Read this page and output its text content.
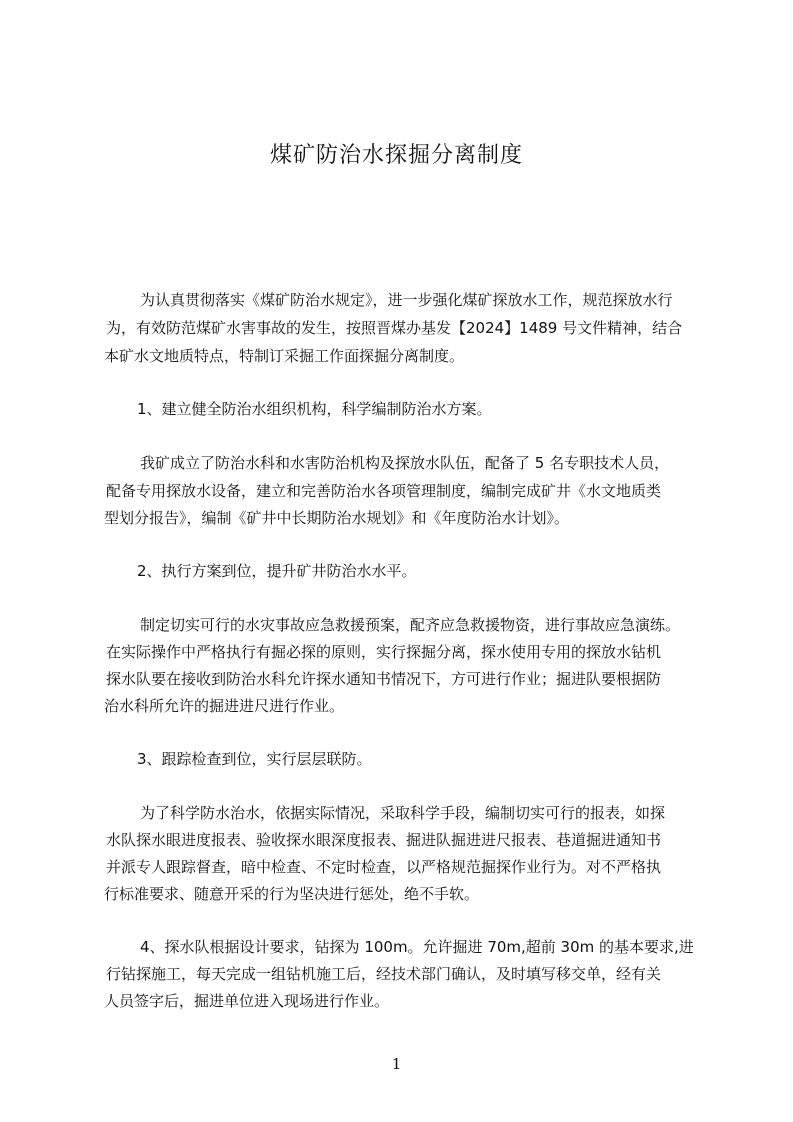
煤矿防治水探掘分离制度
为认真贯彻落实《煤矿防治水规定》，进一步强化煤矿探放水工作，规范探放水行
为，有效防范煤矿水害事故的发生，按照晋煤办基发【2024】1489 号文件精神，结合
本矿水文地质特点，特制订采掘工作面探掘分离制度。
1、建立健全防治水组织机构，科学编制防治水方案。
我矿成立了防治水科和水害防治机构及探放水队伍，配备了 5 名专职技术人员，
配备专用探放水设备，建立和完善防治水各项管理制度，编制完成矿井《水文地质类
型划分报告》，编制《矿井中长期防治水规划》和《年度防治水计划》。
2、执行方案到位，提升矿井防治水水平。
制定切实可行的水灾事故应急救援预案，配齐应急救援物资，进行事故应急演练。
在实际操作中严格执行有掘必探的原则，实行探掘分离，探水使用专用的探放水钻机
探水队要在接收到防治水科允许探水通知书情况下，方可进行作业；掘进队要根据防
治水科所允许的掘进进尺进行作业。
3、跟踪检查到位，实行层层联防。
为了科学防水治水，依据实际情况，采取科学手段，编制切实可行的报表，如探
水队探水眼进度报表、验收探水眼深度报表、掘进队掘进进尺报表、巷道掘进通知书
并派专人跟踪督查，暗中检查、不定时检查，以严格规范掘探作业行为。对不严格执
行标准要求、随意开采的行为坚决进行惩处，绝不手软。
4、探水队根据设计要求，钻探为 100m。允许掘进 70m,超前 30m 的基本要求,进
行钻探施工，每天完成一组钻机施工后，经技术部门确认，及时填写移交单，经有关
人员签字后，掘进单位进入现场进行作业。
1
